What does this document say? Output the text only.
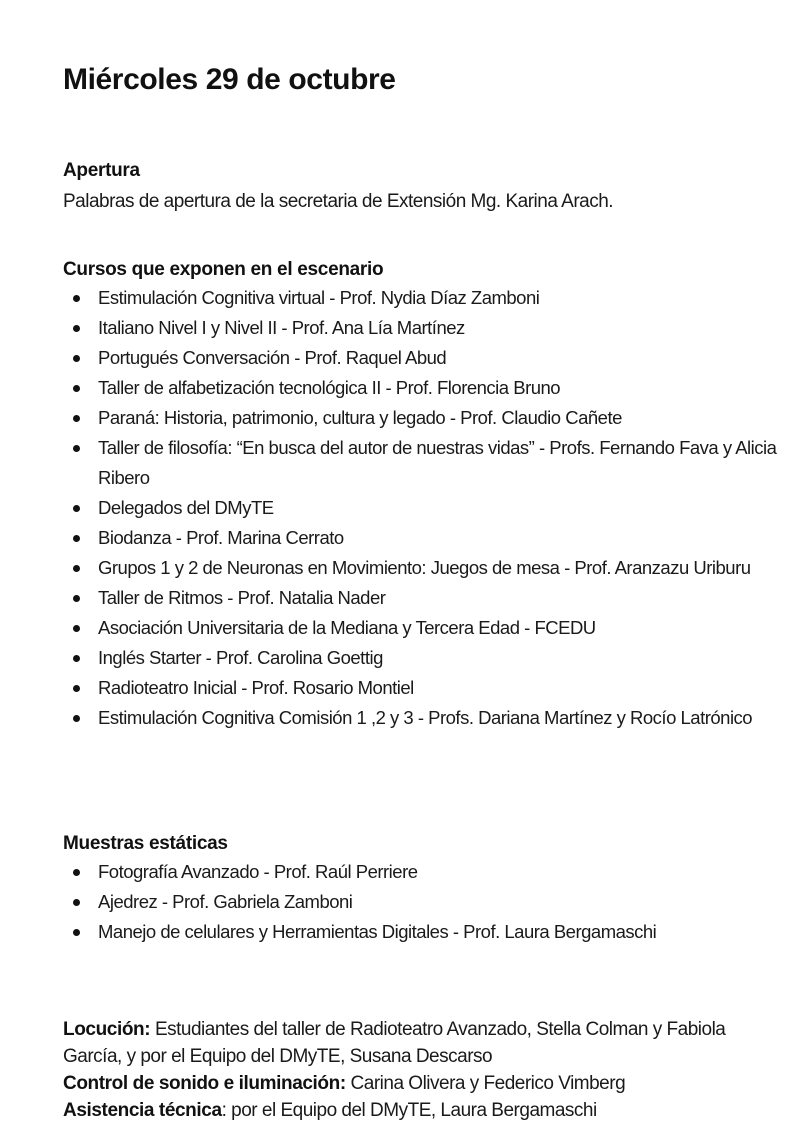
Miércoles 29 de octubre
Apertura

Palabras de apertura de la secretaria de Extensión Mg. Karina Arach.

Cursos que exponen en el escenario
Estimulación Cognitiva virtual - Prof. Nydia Díaz Zamboni
Italiano Nivel I y Nivel II - Prof. Ana Lía Martínez
Portugués Conversación - Prof. Raquel Abud
Taller de alfabetización tecnológica II - Prof. Florencia Bruno
Paraná: Historia, patrimonio, cultura y legado - Prof. Claudio Cañete
Taller de filosofía: “En busca del autor de nuestras vidas” - Profs. Fernando Fava y Alicia Ribero
Delegados del DMyTE
Biodanza - Prof. Marina Cerrato
Grupos 1 y 2 de Neuronas en Movimiento: Juegos de mesa - Prof. Aranzazu Uriburu
Taller de Ritmos - Prof. Natalia Nader
Asociación Universitaria de la Mediana y Tercera Edad - FCEDU
Inglés Starter - Prof. Carolina Goettig
Radioteatro Inicial - Prof. Rosario Montiel
Estimulación Cognitiva Comisión 1 ,2 y 3 - Profs. Dariana Martínez y Rocío Latrónico
Muestras estáticas
Fotografía Avanzado - Prof. Raúl Perriere
Ajedrez - Prof. Gabriela Zamboni
Manejo de celulares y Herramientas Digitales - Prof. Laura Bergamaschi

Locución: Estudiantes del taller de Radioteatro Avanzado, Stella Colman y Fabiola García, y por el Equipo del DMyTE, Susana Descarso

Control de sonido e iluminación: Carina Olivera y Federico Vimberg

Asistencia técnica: por el Equipo del DMyTE, Laura Bergamaschi
